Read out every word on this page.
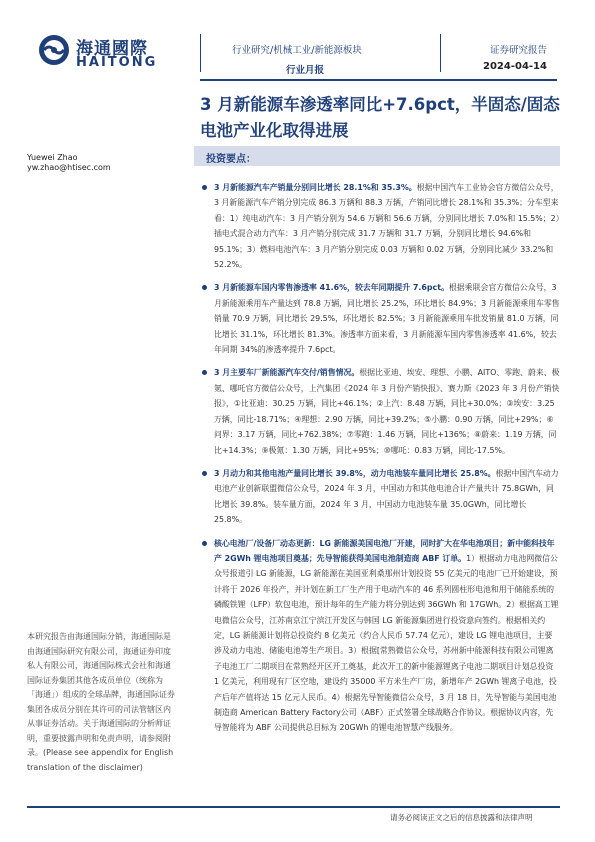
海通國際
HAITONG
行业研究/机械工业/新能源板块
行业月报
证券研究报告
2024-04-14
3 月新能源车渗透率同比+7.6pct，半固态/固态电池产业化取得进展
Yuewei Zhao
yw.zhao@htisec.com
投资要点：
3 月新能源汽车产销量分别同比增长 28.1%和 35.3%。根据中国汽车工业协会官方微信公众号，3 月新能源汽车产销分别完成 86.3 万辆和 88.3 万辆，产销同比增长 28.1%和 35.3%；分车型来看：1）纯电动汽车：3 月产销分别为 54.6 万辆和 56.6 万辆，分别同比增长 7.0%和 15.5%；2）插电式混合动力汽车：3 月产销分别完成 31.7 万辆和 31.7 万辆，分别同比增长 94.6%和 95.1%；3）燃料电池汽车：3 月产销分别完成 0.03 万辆和 0.02 万辆，分别同比减少 33.2%和 52.2%。
3 月新能源车国内零售渗透率 41.6%，较去年同期提升 7.6pct。根据乘联会官方微信公众号，3 月新能源乘用车产量达到 78.8 万辆，同比增长 25.2%，环比增长 84.9%；3 月新能源乘用车零售销量 70.9 万辆，同比增长 29.5%，环比增长 82.5%；3 月新能源乘用车批发销量 81.0 万辆，同比增长 31.1%，环比增长 81.3%。渗透率方面来看，3 月新能源车国内零售渗透率 41.6%，较去年同期 34%的渗透率提升 7.6pct。
3 月主要车厂新能源汽车交付/销售情况。根据比亚迪、埃安、理想、小鹏、AITO、零跑、蔚来、极氪、哪吒官方微信公众号，上汽集团《2024 年 3 月份产销快报》、赛力斯《2023 年 3 月份产销快报》，①比亚迪：30.25 万辆，同比+46.1%；②上汽：8.48 万辆，同比+30.0%；③埃安：3.25 万辆，同比-18.71%；④理想：2.90 万辆，同比+39.2%；⑤小鹏：0.90 万辆，同比+29%；⑥问界：3.17 万辆，同比+762.38%；⑦零跑：1.46 万辆，同比+136%；⑧蔚来：1.19 万辆，同比+14.3%；⑨极氪：1.30 万辆，同比+95%；⑩哪吒：0.83 万辆，同比-17.5%。
3 月动力和其他电池产量同比增长 39.8%，动力电池装车量同比增长 25.8%。根据中国汽车动力电池产业创新联盟微信公众号，2024 年 3 月，中国动力和其他电池合计产量共计 75.8GWh，同比增长 39.8%。装车量方面，2024 年 3 月，中国动力电池装车量 35.0GWh，同比增长 25.8%。
核心电池厂/设备厂动态更新：LG 新能源美国电池厂开建，同时扩大在华电池项目；新中能科技年产 2GWh 锂电池项目奠基；先导智能获得美国电池制造商 ABF 订单。1）根据动力电池网微信公众号报道引 LG 新能源，LG 新能源在美国亚利桑那州计划投资 55 亿美元的电池厂已开始建设，预计将于 2026 年投产，并计划在新工厂生产用于电动汽车的 46 系列圆柱形电池和用于储能系统的磷酸铁锂（LFP）软包电池，预计每年的生产能力将分别达到 36GWh 和 17GWh。2）根据高工锂电微信公众号，江苏南京江宁滨江开发区与韩国 LG 新能源集团进行投资意向签约。根据相关约定，LG 新能源计划将总投资约 8 亿美元（约合人民币 57.74 亿元），建设 LG 锂电池项目，主要涉及动力电池、储能电池等生产项目。3）根据[常熟微信公众号，苏州新中能源科技有限公司锂离子电池工厂二期项目在常熟经开区开工奠基，此次开工的新中能源锂离子电池二期项目计划总投资 1 亿美元，利用现有厂区空地，建设约 35000 平方米生产厂房，新增年产 2GWh 锂离子电池，投产后年产值将达 15 亿元人民币。4）根据先导智能微信公众号，3 月 18 日，先导智能与美国电池制造商 American Battery Factory公司（ABF）正式签署全球战略合作协议。根据协议内容，先导智能将为 ABF 公司提供总目标为 20GWh 的锂电池智慧产线服务。
本研究报告由海通国际分销，海通国际是由海通国际研究有限公司，海通证券印度私人有限公司，海通国际株式会社和海通国际证券集团其他各成员单位（统称为「海通」）组成的全球品牌，海通国际证券集团各成员分别在其许可的司法管辖区内从事证券活动。关于海通国际的分析师证明，重要披露声明和免责声明，请参阅附录。(Please see appendix for English translation of the disclaimer)
请务必阅读正文之后的信息披露和法律声明
